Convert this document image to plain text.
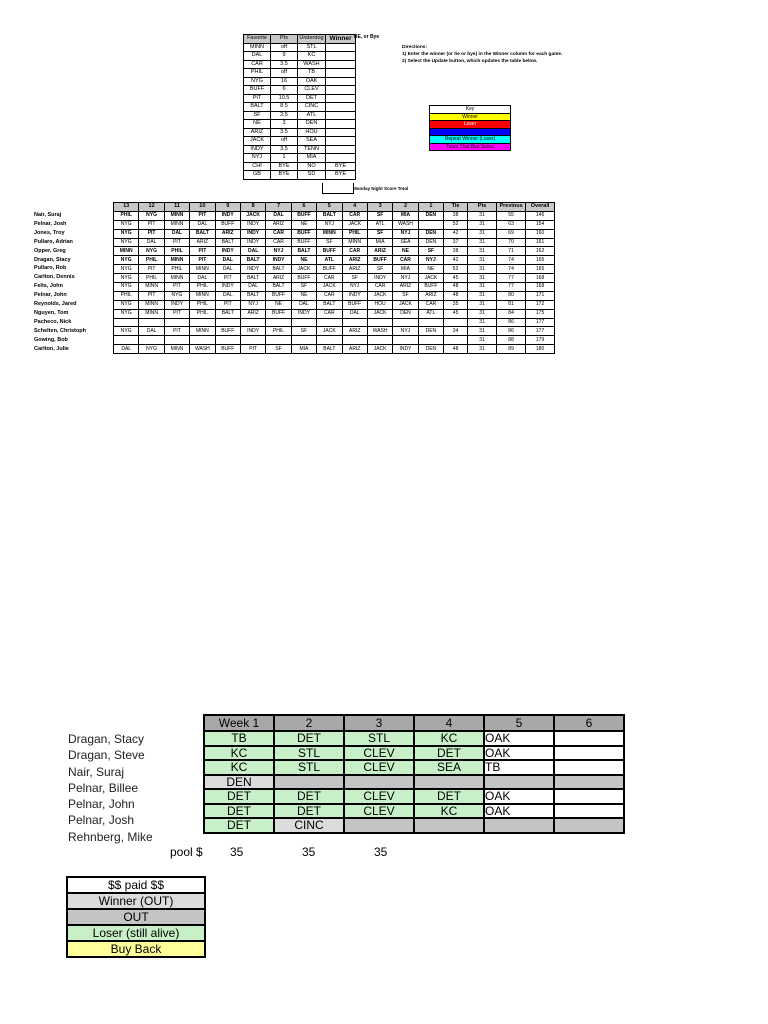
Favorite	Pts	Underdog	Winner
MINN	off	STL	
DAL	9	KC	
CAR	3.5	WASH	
PHIL	off	TB	
NYG	16	OAK	
BUFF	6	CLEV	
PIT	10.5	DET	
BALT	8.5	CINC	
SF	2.5	ATL	
NE	3	DEN	
ARIZ	3.5	HOU	
JACK	off	SEA	
INDY	3.5	TENN	
NYJ	1	MIA	
CHI	BYE	NO	BYE
GB	BYE	SD	BYE
TIE, or Bye
Monday Night Score Total
Directions:
1) Enter the winner (or tie or bye) in the Winner column for each game.
2) Select the Update button, which updates the table below.
Key
Winner
Loser

Repeat Winner (Loser)
Team That Bye Score
Nair, Suraj
Pelnar, Josh
Jones, Troy
Pullaro, Adrian
Opper, Greg
Dragan, Stacy
Pullaro, Rob
Carlton, Dennis
Felts, John
Pelnar, John
Reynolds, Jared
Nguyen, Tom
Pacheco, Nick
Schelten, Christoph
Gowing, Bob
Carlton, Julie
13	12	11	10	9	8	7	6	5	4	3	2	1	Tie	Pts	Previous	Overall
PHIL	NYG	MINN	PIT	INDY	JACK	DAL	BUFF	BALT	CAR	SF	MIA	DEN	38	31	55	146
NYG	PIT	MINN	DAL	BUFF	INDY	ARIZ	NE	NYJ	JACK	ATL	WASH		52	31	63	154
NYG	PIT	DAL	BALT	ARIZ	INDY	CAR	BUFF	MINN	PHIL	SF	NYJ	DEN	42	31	69	160
NYG	DAL	PIT	ARIZ	BALT	INDY	CAR	BUFF	SF	MINN	MIA	SEA	DEN	37	31	70	161
MINN	NYG	PHIL	PIT	INDY	DAL	NYJ	BALT	BUFF	CAR	ARIZ	NE	SF	38	31	71	162
NYG	PHIL	MINN	PIT	DAL	BALT	INDY	NE	ATL	ARIZ	BUFF	CAR	NYJ	42	31	74	165
NYG	PIT	PHIL	MINN	DAL	INDY	BALT	JACK	BUFF	ARIZ	SF	MIA	NE	52	31	74	165
NYG	PHIL	MINN	DAL	PIT	BALT	ARIZ	BUFF	CAR	SF	INDY	NYJ	JACK	45	31	77	168
NYG	MINN	PIT	PHIL	INDY	DAL	BALT	SF	JACK	NYJ	CAR	ARIZ	BUFF	48	31	77	168
PHIL	PIT	NYG	MINN	DAL	BALT	BUFF	NE	CAR	INDY	JACK	SF	ARIZ	48	31	80	171
NYG	MINN	INDY	PHIL	PIT	NYJ	NE	DAL	BALT	BUFF	HOU	JACK	CAR	35	31	81	172
NYG	MINN	PIT	PHIL	BALT	ARIZ	BUFF	INDY	CAR	DAL	JACK	DEN	ATL	45	31	84	175
														31	86	177
NYG	DAL	PIT	MINN	BUFF	INDY	PHIL	SF	JACK	ARIZ	WASH	NYJ	DEN	34	31	86	177
														31	88	179
DAL	NYG	MINN	WASH	BUFF	PIT	SF	MIA	BALT	ARIZ	JACK	INDY	DEN	48	31	89	180
Dragan, Stacy
Dragan, Steve
Nair, Suraj
Pelnar, Billee
Pelnar, John
Pelnar, Josh
Rehnberg, Mike
Week 1	2	3	4	5	6
TB	DET	STL	KC	OAK	
KC	STL	CLEV	DET	OAK	
KC	STL	CLEV	SEA	TB	
DEN					
DET	DET	CLEV	DET	OAK	
DET	DET	CLEV	KC	OAK	
DET	CINC				
pool $ 35	35	35
$$ paid $$
Winner (OUT)
OUT
Loser (still alive)
Buy Back
